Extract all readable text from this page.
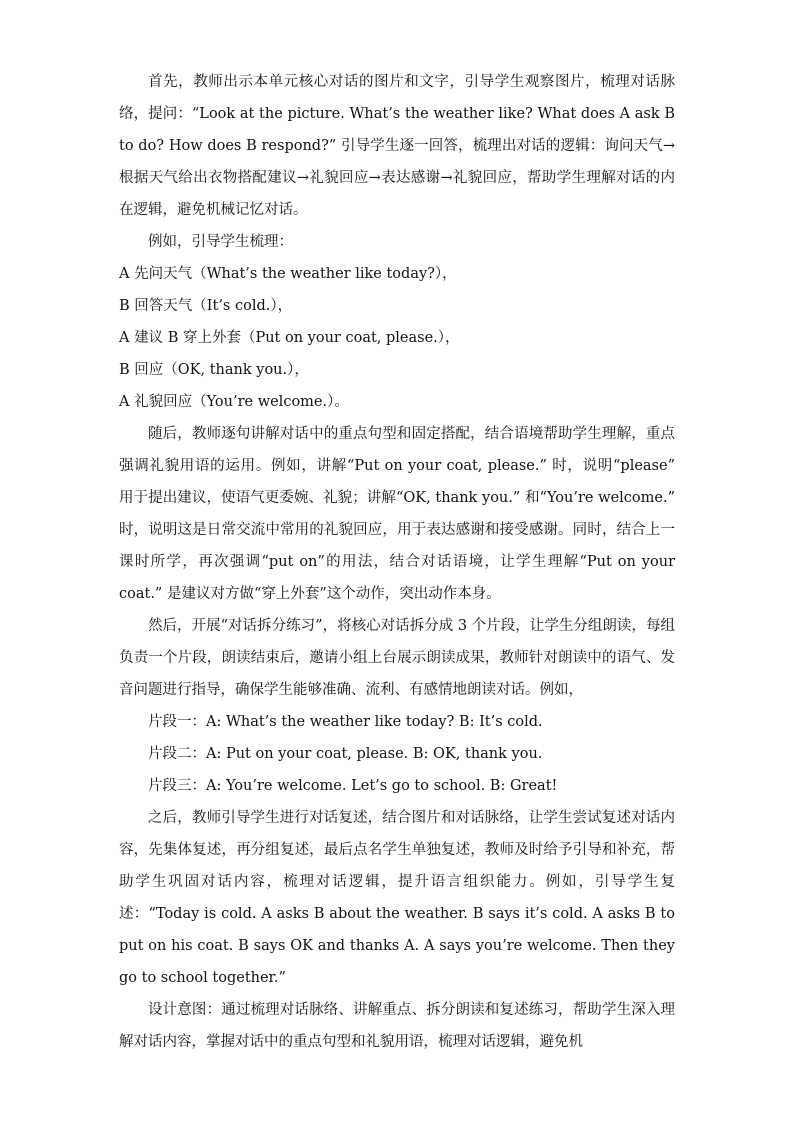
首先，教师出示本单元核心对话的图片和文字，引导学生观察图片，梳理对话脉络，提问：“Look at the picture. What’s the weather like? What does A ask B to do? How does B respond?” 引导学生逐一回答，梳理出对话的逻辑：询问天气→根据天气给出衣物搭配建议→礼貌回应→表达感谢→礼貌回应，帮助学生理解对话的内在逻辑，避免机械记忆对话。

例如，引导学生梳理：

A 先问天气（What’s the weather like today?），

B 回答天气（It’s cold.），

A 建议 B 穿上外套（Put on your coat, please.），

B 回应（OK, thank you.），

A 礼貌回应（You’re welcome.）。

随后，教师逐句讲解对话中的重点句型和固定搭配，结合语境帮助学生理解，重点强调礼貌用语的运用。例如，讲解“Put on your coat, please.” 时，说明“please” 用于提出建议，使语气更委婉、礼貌；讲解“OK, thank you.” 和“You’re welcome.” 时，说明这是日常交流中常用的礼貌回应，用于表达感谢和接受感谢。同时，结合上一课时所学，再次强调“put on”的用法，结合对话语境，让学生理解“Put on your coat.” 是建议对方做“穿上外套”这个动作，突出动作本身。

然后，开展“对话拆分练习”，将核心对话拆分成 3 个片段，让学生分组朗读，每组负责一个片段，朗读结束后，邀请小组上台展示朗读成果，教师针对朗读中的语气、发音问题进行指导，确保学生能够准确、流利、有感情地朗读对话。例如，

片段一：A: What’s the weather like today? B: It’s cold.

片段二：A: Put on your coat, please. B: OK, thank you.

片段三：A: You’re welcome. Let’s go to school. B: Great!

之后，教师引导学生进行对话复述，结合图片和对话脉络，让学生尝试复述对话内容，先集体复述，再分组复述，最后点名学生单独复述，教师及时给予引导和补充，帮助学生巩固对话内容，梳理对话逻辑，提升语言组织能力。例如，引导学生复述：“Today is cold. A asks B about the weather. B says it’s cold. A asks B to put on his coat. B says OK and thanks A. A says you’re welcome. Then they go to school together.”

设计意图：通过梳理对话脉络、讲解重点、拆分朗读和复述练习，帮助学生深入理解对话内容，掌握对话中的重点句型和礼貌用语，梳理对话逻辑，避免机
